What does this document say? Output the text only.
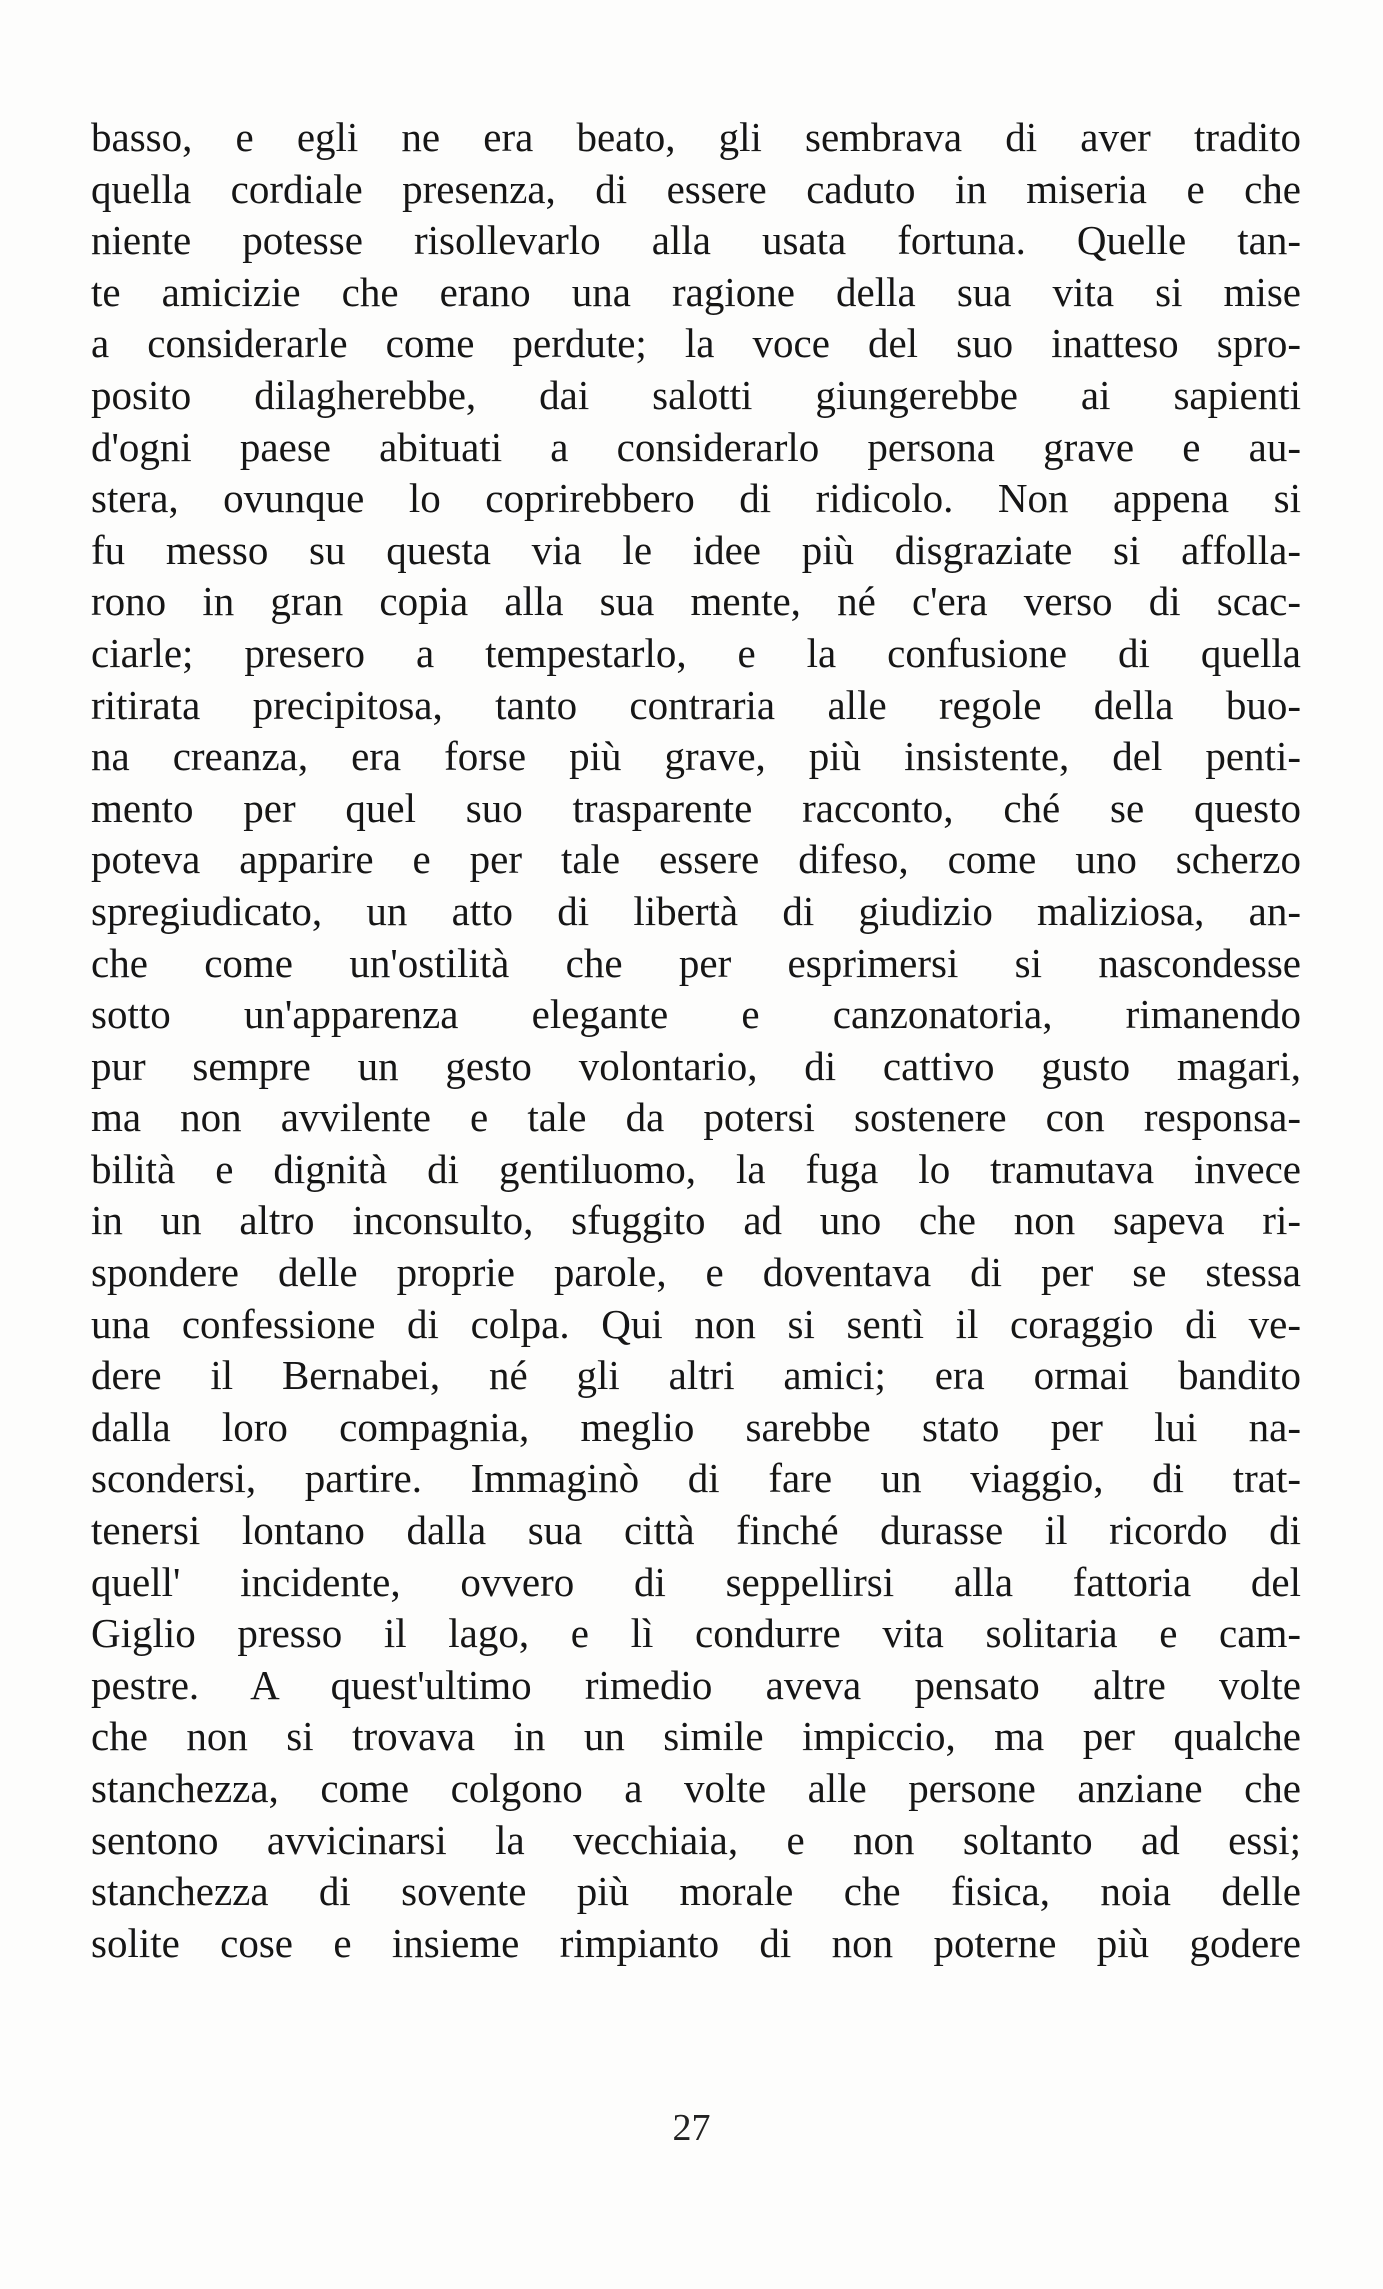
basso, e egli ne era beato, gli sembrava di aver tradito
quella cordiale presenza, di essere caduto in miseria e che
niente potesse risollevarlo alla usata fortuna. Quelle tan-
te amicizie che erano una ragione della sua vita si mise
a considerarle come perdute; la voce del suo inatteso spro-
posito dilagherebbe, dai salotti giungerebbe ai sapienti
d'ogni paese abituati a considerarlo persona grave e au-
stera, ovunque lo coprirebbero di ridicolo. Non appena si
fu messo su questa via le idee più disgraziate si affolla-
rono in gran copia alla sua mente, né c'era verso di scac-
ciarle; presero a tempestarlo, e la confusione di quella
ritirata precipitosa, tanto contraria alle regole della buo-
na creanza, era forse più grave, più insistente, del penti-
mento per quel suo trasparente racconto, ché se questo
poteva apparire e per tale essere difeso, come uno scherzo
spregiudicato, un atto di libertà di giudizio maliziosa, an-
che come un'ostilità che per esprimersi si nascondesse
sotto un'apparenza elegante e canzonatoria, rimanendo
pur sempre un gesto volontario, di cattivo gusto magari,
ma non avvilente e tale da potersi sostenere con responsa-
bilità e dignità di gentiluomo, la fuga lo tramutava invece
in un altro inconsulto, sfuggito ad uno che non sapeva ri-
spondere delle proprie parole, e doventava di per se stessa
una confessione di colpa. Qui non si sentì il coraggio di ve-
dere il Bernabei, né gli altri amici; era ormai bandito
dalla loro compagnia, meglio sarebbe stato per lui na-
scondersi, partire. Immaginò di fare un viaggio, di trat-
tenersi lontano dalla sua città finché durasse il ricordo di
quell' incidente, ovvero di seppellirsi alla fattoria del
Giglio presso il lago, e lì condurre vita solitaria e cam-
pestre. A quest'ultimo rimedio aveva pensato altre volte
che non si trovava in un simile impiccio, ma per qualche
stanchezza, come colgono a volte alle persone anziane che
sentono avvicinarsi la vecchiaia, e non soltanto ad essi;
stanchezza di sovente più morale che fisica, noia delle
solite cose e insieme rimpianto di non poterne più godere
27
